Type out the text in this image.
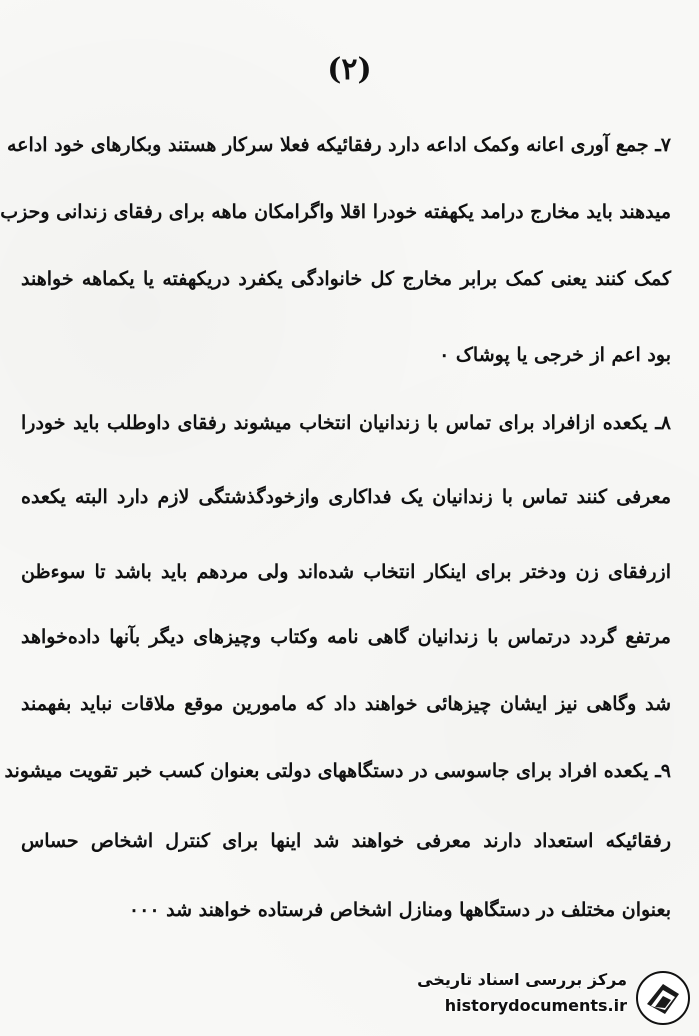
(۲)
۷ـ جمع آوری اعانه وکمک اداعه دارد رفقائیکه فعلا سرکار هستند وبکارهای خود اداعه
میدهند باید مخارج درامد یکهفته خودرا اقلا واگرامکان ماهه برای رفقای زندانی وحزب
کمک کنند یعنی کمک برابر مخارج کل خانوادگی یکفرد دریکهفته یا یکماهه خواهند
بود اعم از خرجی یا پوشاک ۰
۸ـ یکعده ازافراد برای تماس با زندانیان انتخاب میشوند رفقای داوطلب باید خودرا
معرفی کنند تماس با زندانیان یک فداکاری وازخودگذشتگی لازم دارد البته یکعده
ازرفقای زن ودختر برای اینکار انتخاب شده‌اند ولی مردهم باید باشد تا سوءظن
مرتفع گردد درتماس با زندانیان گاهی نامه وکتاب وچیزهای دیگر بآنها داده‌خواهد
شد وگاهی نیز ایشان چیزهائی خواهند داد که مامورین موقع ملاقات نباید بفهمند
۹ـ یکعده افراد برای جاسوسی در دستگاههای دولتی بعنوان کسب خبر تقویت میشوند
رفقائیکه استعداد دارند معرفی خواهند شد اینها برای کنترل اشخاص حساس
بعنوان مختلف در دستگاهها ومنازل اشخاص فرستاده خواهند شد ۰۰۰
مرکز بررسی اسناد تاریخی
historydocuments.ir
